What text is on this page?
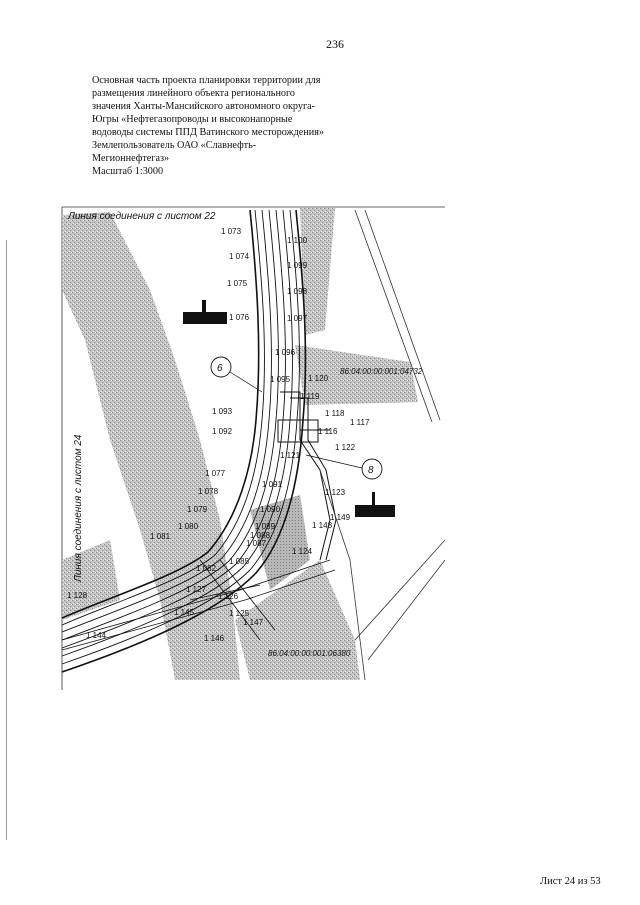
236
Основная часть проекта планировки территории для
размещения линейного объекта регионального
значения Ханты-Мансийского автономного округа-
Югры «Нефтегазопроводы и высоконапорные
водоводы системы ППД Ватинского месторождения»
Землепользователь ОАО «Славнефть-
Мегионнефтегаз»
Масштаб 1:3000
6
8
Линия соединения с листом 22
Линия соединения с листом 24
86:04:00:00:001:04732
86:04:00:00:001:06380
1 073
1 100
1 074
1 099
1 075
1 098
1 097
1 076
1 096
1 095 1 120
1 119
1 093	1 118
1 117
1 092	1 116
1 122
1 121
1 077
1 091
1 078	1 123
1 079	1 090
1 148
1 149
1 080	1 089
1 088
1 081
1 087
1 124
1 082
1 085
1 128
1 127
1 126
1 145	1 125
1 147
1 144	1 146
Лист 24 из 53
